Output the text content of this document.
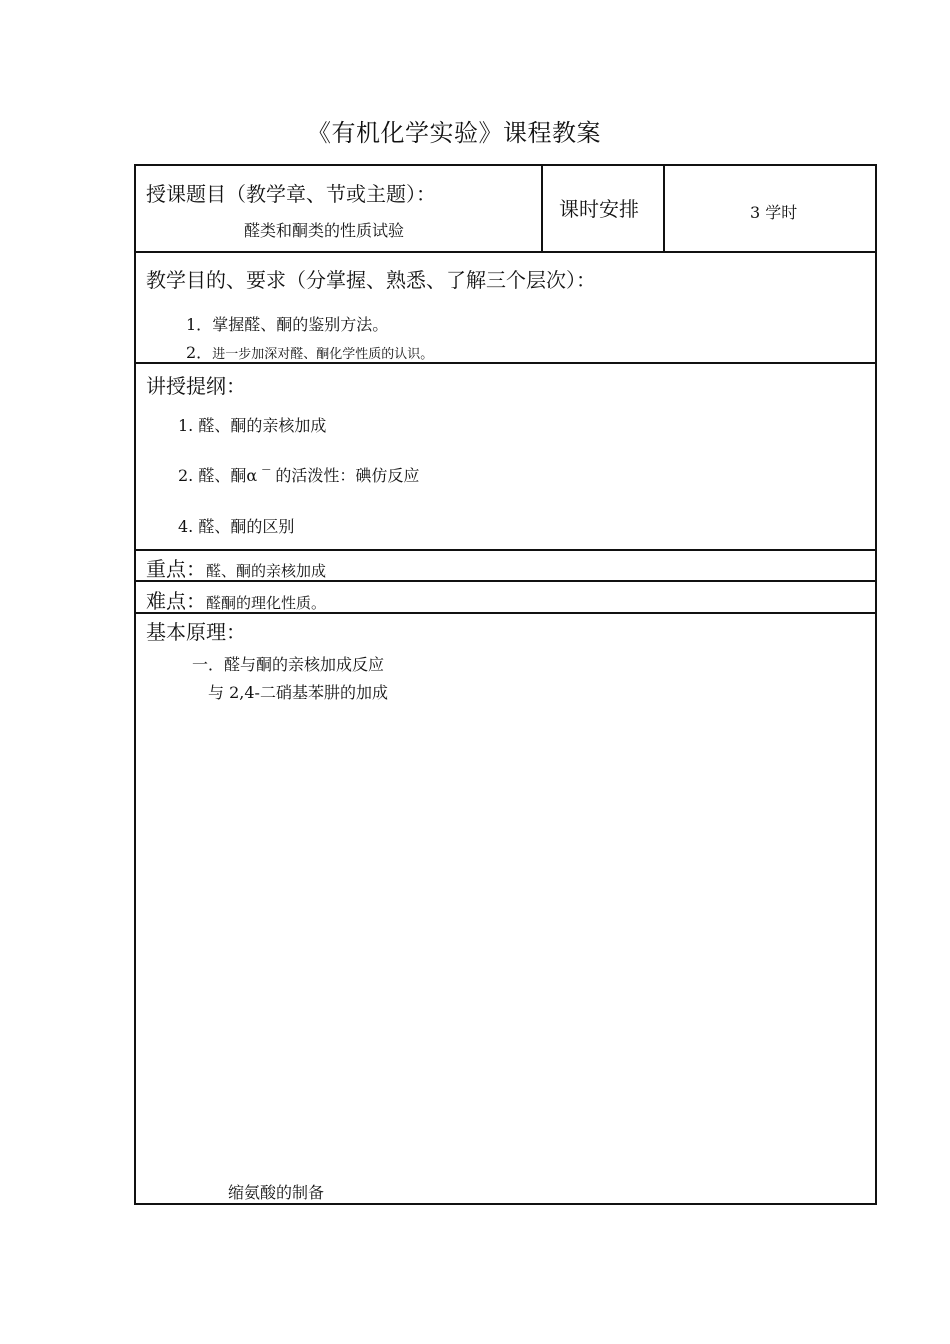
《有机化学实验》课程教案
授课题目（教学章、节或主题）：
醛类和酮类的性质试验
课时安排	3 学时
教学目的、要求（分掌握、熟悉、了解三个层次）：
1．掌握醛、酮的鉴别方法。
2．进一步加深对醛、酮化学性质的认识。
讲授提纲：
1. 醛、酮的亲核加成
2. 醛、酮α ‾ 的活泼性：碘仿反应
4. 醛、酮的区别
重点：醛、酮的亲核加成
难点：醛酮的理化性质。
基本原理：
一．醛与酮的亲核加成反应
与 2,4-二硝基苯肼的加成
缩氨酸的制备
